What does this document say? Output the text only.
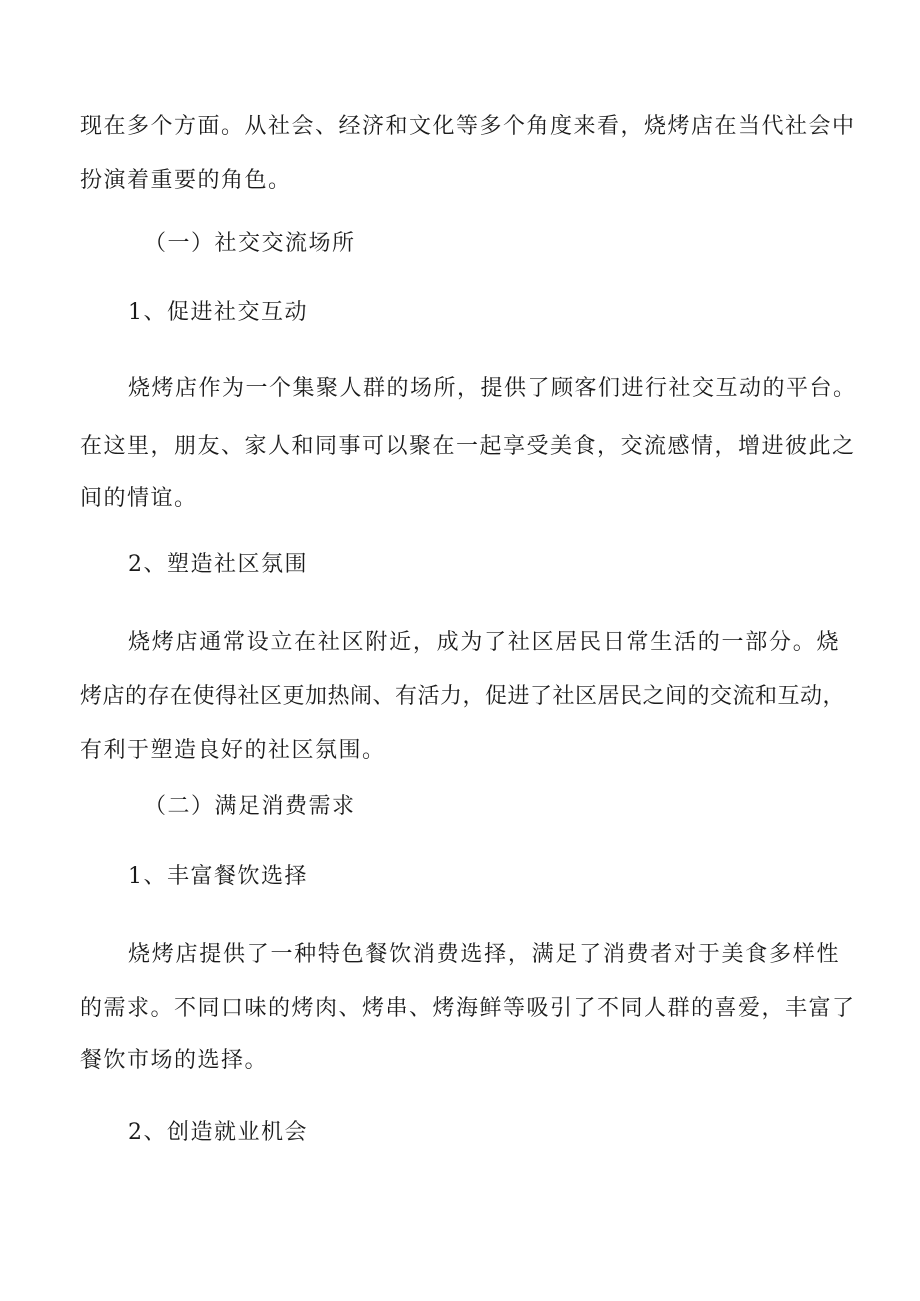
现在多个方面。从社会、经济和文化等多个角度来看，烧烤店在当代社会中
扮演着重要的角色。
（一）社交交流场所
1、促进社交互动
烧烤店作为一个集聚人群的场所，提供了顾客们进行社交互动的平台。
在这里，朋友、家人和同事可以聚在一起享受美食，交流感情，增进彼此之
间的情谊。
2、塑造社区氛围
烧烤店通常设立在社区附近，成为了社区居民日常生活的一部分。烧
烤店的存在使得社区更加热闹、有活力，促进了社区居民之间的交流和互动，
有利于塑造良好的社区氛围。
（二）满足消费需求
1、丰富餐饮选择
烧烤店提供了一种特色餐饮消费选择，满足了消费者对于美食多样性
的需求。不同口味的烤肉、烤串、烤海鲜等吸引了不同人群的喜爱，丰富了
餐饮市场的选择。
2、创造就业机会
